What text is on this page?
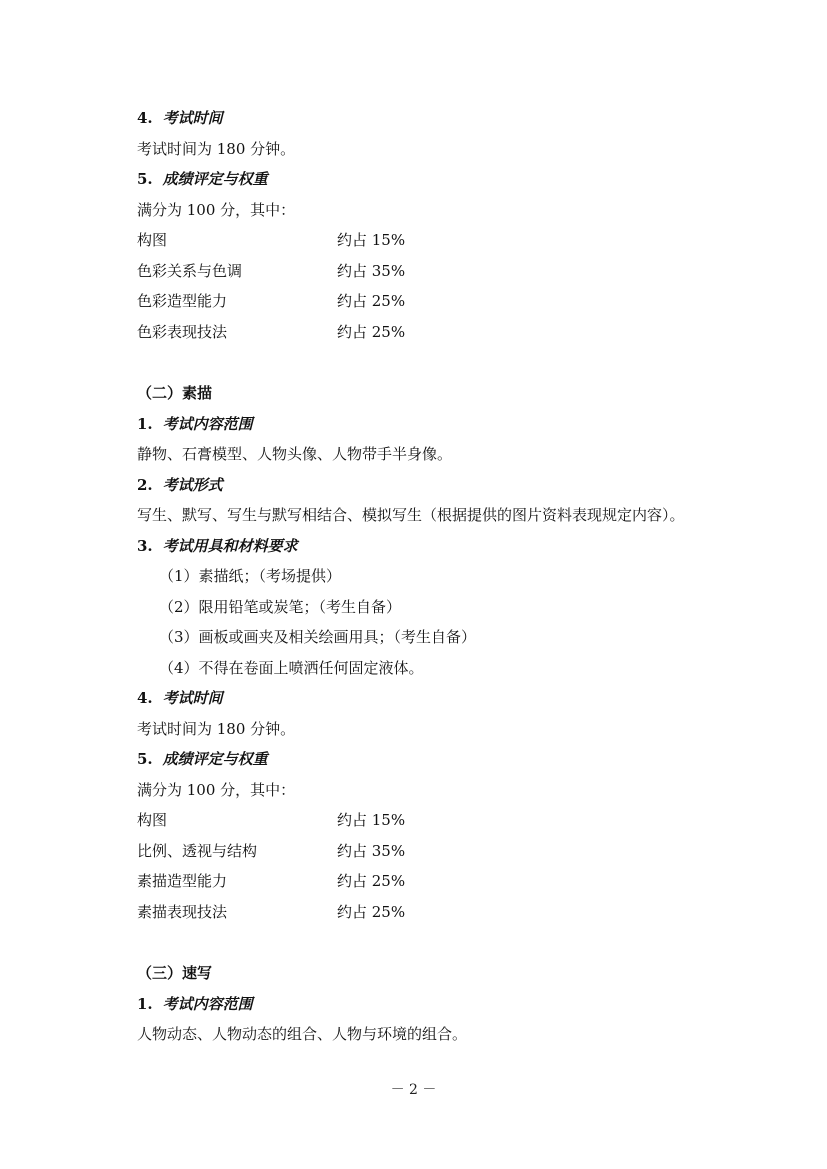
4. 考试时间
考试时间为 180 分钟。
5. 成绩评定与权重
满分为 100 分，其中：
构图	约占 15%
色彩关系与色调	约占 35%
色彩造型能力	约占 25%
色彩表现技法	约占 25%
（二）素描
1. 考试内容范围
静物、石膏模型、人物头像、人物带手半身像。
2. 考试形式
写生、默写、写生与默写相结合、模拟写生（根据提供的图片资料表现规定内容）。
3. 考试用具和材料要求
（1）素描纸；（考场提供）
（2）限用铅笔或炭笔；（考生自备）
（3）画板或画夹及相关绘画用具；（考生自备）
（4）不得在卷面上喷洒任何固定液体。
4. 考试时间
考试时间为 180 分钟。
5. 成绩评定与权重
满分为 100 分，其中：
构图	约占 15%
比例、透视与结构	约占 35%
素描造型能力	约占 25%
素描表现技法	约占 25%
（三）速写
1. 考试内容范围
人物动态、人物动态的组合、人物与环境的组合。
－ 2 －
